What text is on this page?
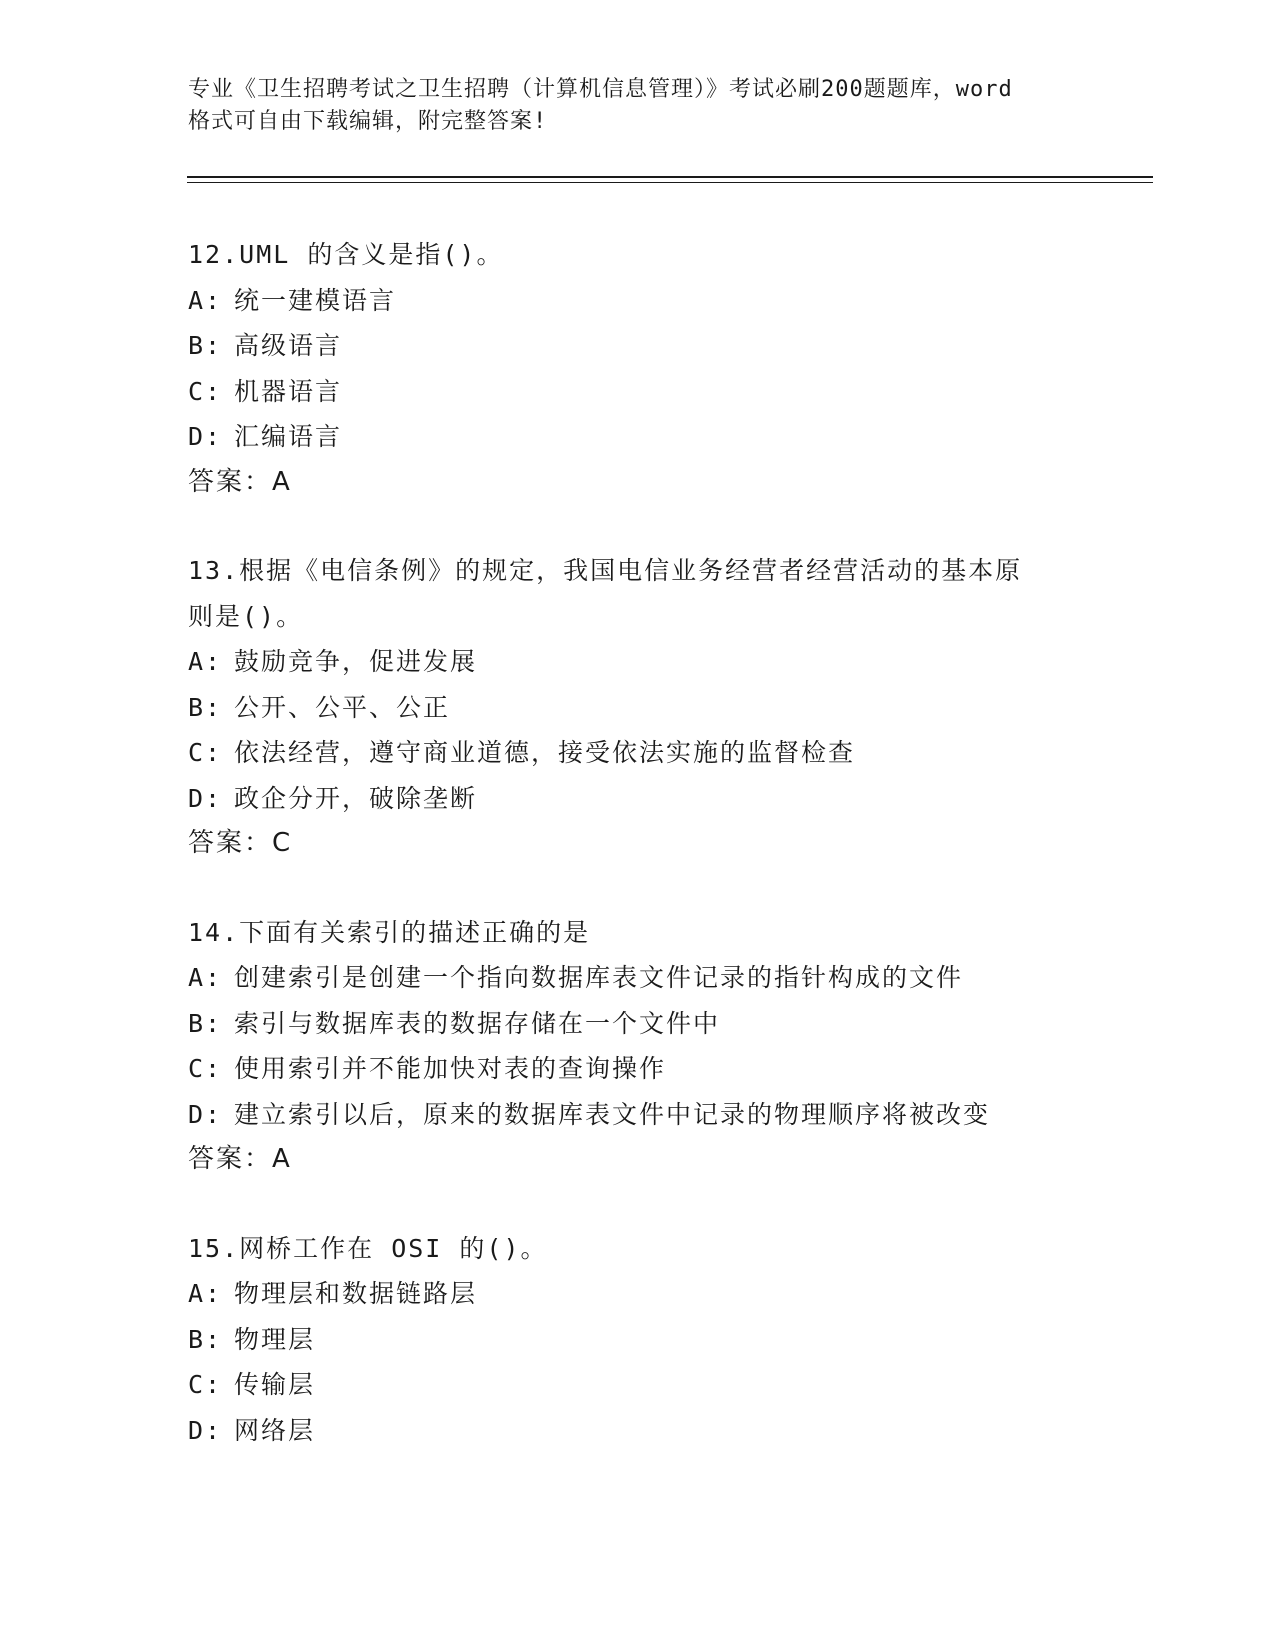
专业《卫生招聘考试之卫生招聘（计算机信息管理）》考试必刷200题题库，word
格式可自由下载编辑，附完整答案!
12.UML 的含义是指()。
A: 统一建模语言
B: 高级语言
C: 机器语言
D: 汇编语言
答案：A
13.根据《电信条例》的规定，我国电信业务经营者经营活动的基本原
则是()。
A: 鼓励竞争，促进发展
B: 公开、公平、公正
C: 依法经营，遵守商业道德，接受依法实施的监督检查
D: 政企分开，破除垄断
答案：C
14.下面有关索引的描述正确的是
A: 创建索引是创建一个指向数据库表文件记录的指针构成的文件
B: 索引与数据库表的数据存储在一个文件中
C: 使用索引并不能加快对表的查询操作
D: 建立索引以后，原来的数据库表文件中记录的物理顺序将被改变
答案：A
15.网桥工作在 OSI 的()。
A: 物理层和数据链路层
B: 物理层
C: 传输层
D: 网络层
